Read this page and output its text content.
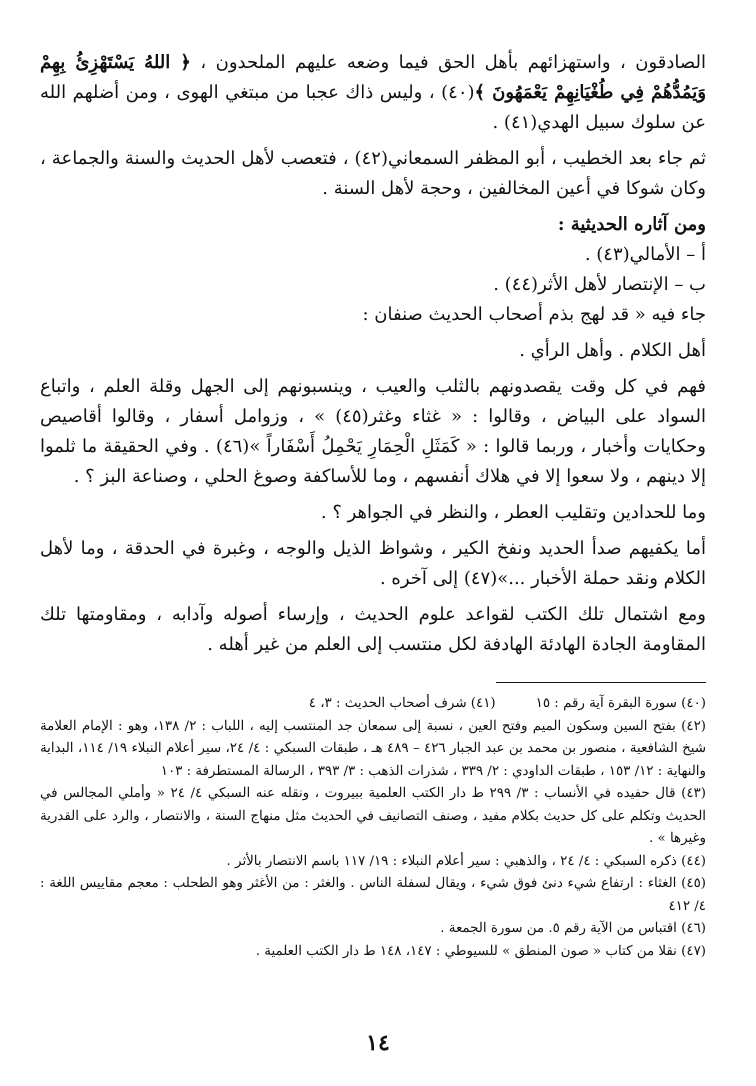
الصادقون ، واستهزائهم بأهل الحق فيما وضعه عليهم الملحدون ، ﴿ اللهُ يَسْتَهْزِئُ بِهِمْ وَيَمُدُّهُمْ فِي طُغْيَانِهِمْ يَعْمَهُونَ ﴾(٤٠) ، وليس ذاك عجبا من مبتغي الهوى ، ومن أضلهم الله عن سلوك سبيل الهدي(٤١) .

ثم جاء بعد الخطيب ، أبو المظفر السمعاني(٤٢) ، فتعصب لأهل الحديث والسنة والجماعة ، وكان شوكا في أعين المخالفين ، وحجة لأهل السنة .

ومن آثاره الحديثية :

أ – الأمالي(٤٣) .

ب – الإنتصار لأهل الأثر(٤٤) .

جاء فيه « قد لهج بذم أصحاب الحديث صنفان :

أهل الكلام . وأهل الرأي .

فهم في كل وقت يقصدونهم بالثلب والعيب ، وينسبونهم إلى الجهل وقلة العلم ، واتباع السواد على البياض ، وقالوا : « غثاء وغثر(٤٥) » ، وزوامل أسفار ، وقالوا أقاصيص وحكايات وأخبار ، وربما قالوا : « كَمَثَلِ الْحِمَارِ يَحْمِلُ أَسْفَاراً »(٤٦) . وفي الحقيقة ما ثلموا إلا دينهم ، ولا سعوا إلا في هلاك أنفسهم ، وما للأساكفة وصوغ الحلي ، وصناعة البز ؟ .

وما للحدادين وتقليب العطر ، والنظر في الجواهر ؟ .

أما يكفيهم صدأ الحديد ونفخ الكير ، وشواظ الذيل والوجه ، وغبرة في الحدقة ، وما لأهل الكلام ونقد حملة الأخبار ...»(٤٧) إلى آخره .

ومع اشتمال تلك الكتب لقواعد علوم الحديث ، وإرساء أصوله وآدابه ، ومقاومتها تلك المقاومة الجادة الهادئة الهادفة لكل منتسب إلى العلم من غير أهله .

(٤٠) سورة البقرة آية رقم : ١٥

(٤١) شرف أصحاب الحديث : ٣، ٤

(٤٢) بفتح السين وسكون الميم وفتح العين ، نسبة إلى سمعان جد المنتسب إليه ، اللباب : ٢/ ١٣٨، وهو : الإمام العلامة شيخ الشافعية ، منصور بن محمد بن عبد الجبار ٤٢٦ – ٤٨٩ هـ ، طبقات السبكي : ٤/ ٢٤، سير أعلام النبلاء ١٩/ ١١٤، البداية والنهاية : ١٢/ ١٥٣ ، طبقات الداودي : ٢/ ٣٣٩ ، شذرات الذهب : ٣/ ٣٩٣ ، الرسالة المستطرفة : ١٠٣

(٤٣) قال حفيده في الأنساب : ٣/ ٢٩٩ ط دار الكتب العلمية ببيروت ، ونقله عنه السبكي ٤/ ٢٤ « وأملي المجالس في الحديث وتكلم على كل حديث بكلام مفيد ، وصنف التصانيف في الحديث مثل منهاج السنة ، والانتصار ، والرد على القدرية وغيرها » .

(٤٤) ذكره السبكي : ٤/ ٢٤ ، والذهبي : سير أعلام النبلاء : ١٩/ ١١٧ باسم الانتصار بالأثر .

(٤٥) الغثاء : ارتفاع شيء دنئ فوق شيء ، ويقال لسفلة الناس . والغثر : من الأغثر وهو الطحلب : معجم مقاييس اللغة : ٤/ ٤١٢

(٤٦) اقتباس من الآية رقم ٥. من سورة الجمعة .

(٤٧) نقلا من كتاب « صون المنطق » للسيوطي : ١٤٧، ١٤٨ ط دار الكتب العلمية .

١٤
